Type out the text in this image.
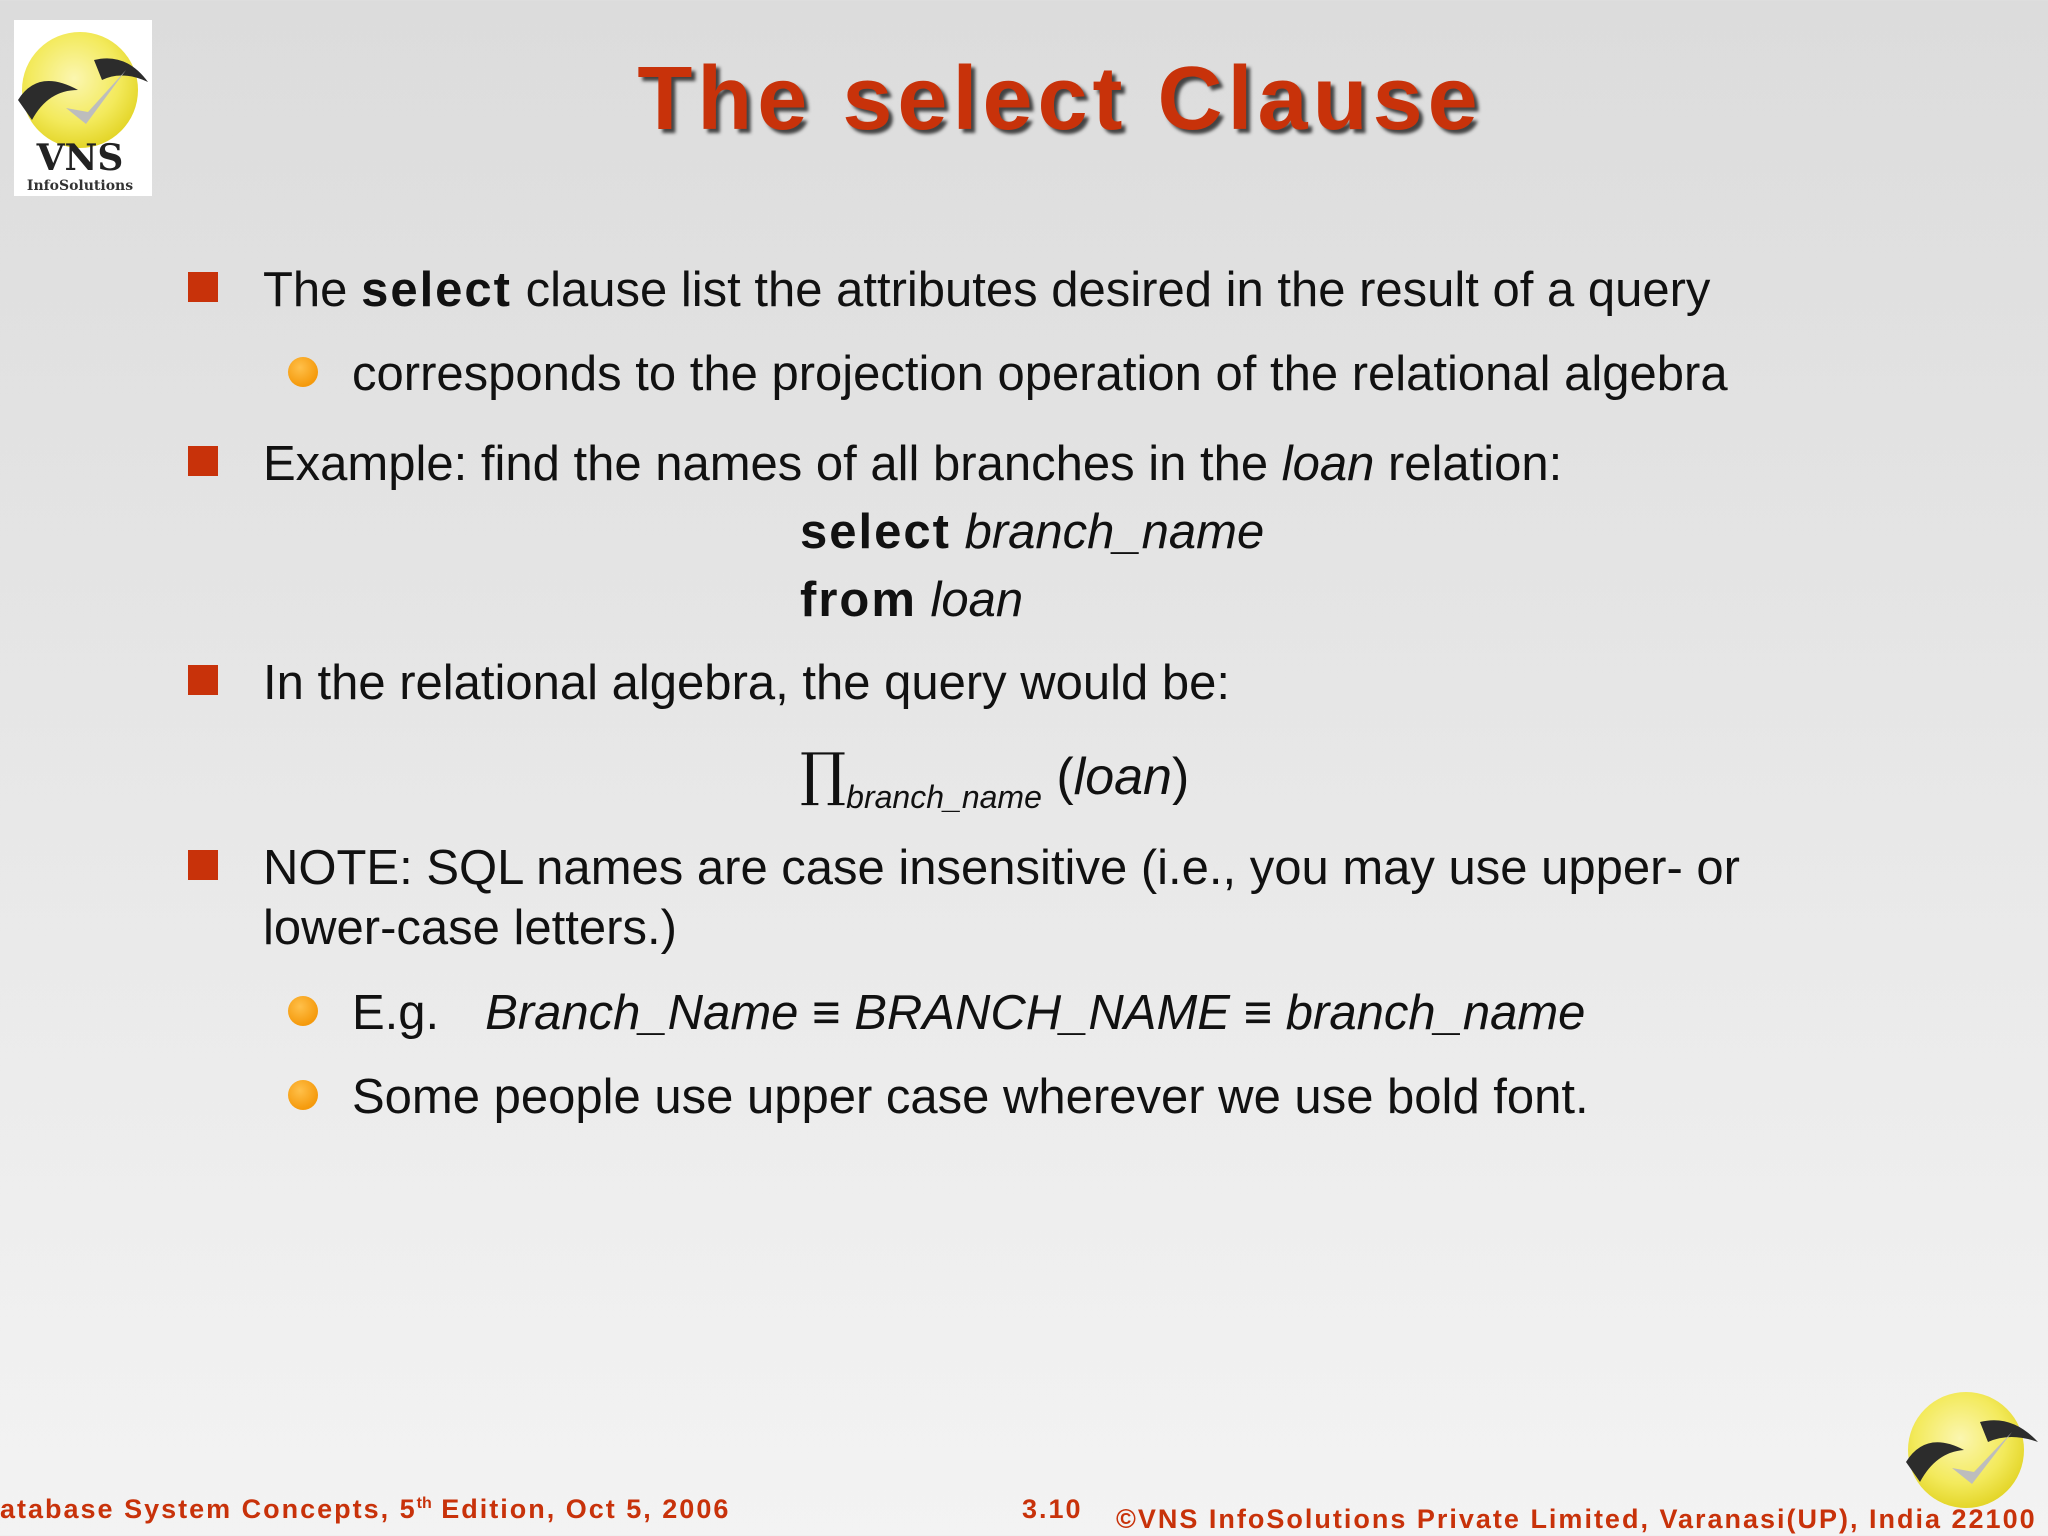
VNS
InfoSolutions
The select Clause
The select clause list the attributes desired in the result of a query
corresponds to the projection operation of the relational algebra
Example: find the names of all branches in the loan relation:
select branch_name
from loan
In the relational algebra, the query would be:
$\prod_{branch\_name}$ (loan)
NOTE: SQL names are case insensitive (i.e., you may use upper- or
lower-case letters.)
E.g. Branch_Name ≡ BRANCH_NAME ≡ branch_name
Some people use upper case wherever we use bold font.
atabase System Concepts, 5th Edition, Oct 5, 2006	3.10 ©VNS InfoSolutions Private Limited, Varanasi(UP), India 22100
